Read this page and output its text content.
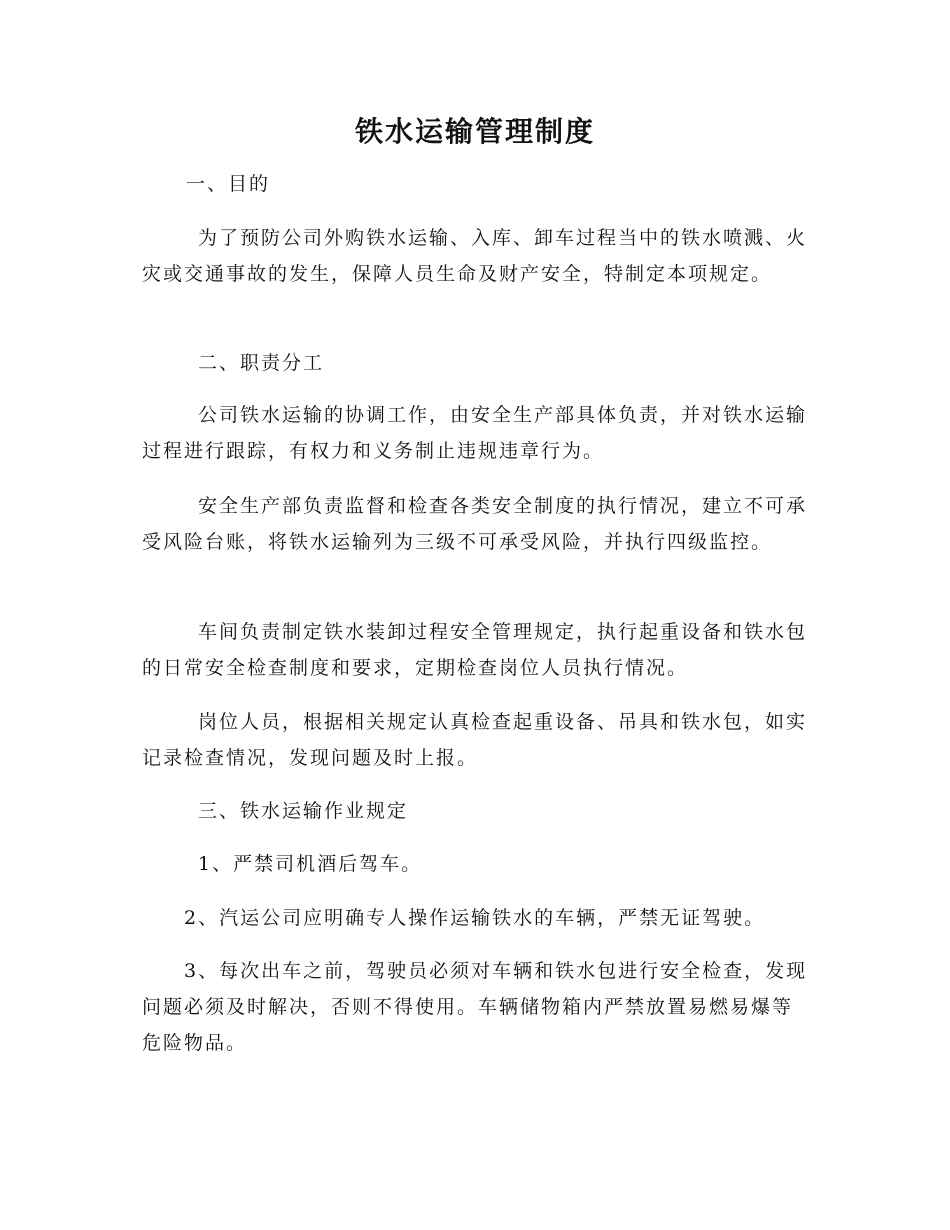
铁水运输管理制度

一、目的

为了预防公司外购铁水运输、入库、卸车过程当中的铁水喷溅、火灾或交通事故的发生，保障人员生命及财产安全，特制定本项规定。

二、职责分工

公司铁水运输的协调工作，由安全生产部具体负责，并对铁水运输过程进行跟踪，有权力和义务制止违规违章行为。

安全生产部负责监督和检查各类安全制度的执行情况，建立不可承受风险台账，将铁水运输列为三级不可承受风险，并执行四级监控。

车间负责制定铁水装卸过程安全管理规定，执行起重设备和铁水包的日常安全检查制度和要求，定期检查岗位人员执行情况。

岗位人员，根据相关规定认真检查起重设备、吊具和铁水包，如实记录检查情况，发现问题及时上报。

三、铁水运输作业规定

1、严禁司机酒后驾车。

2、汽运公司应明确专人操作运输铁水的车辆，严禁无证驾驶。

3、每次出车之前，驾驶员必须对车辆和铁水包进行安全检查，发现问题必须及时解决，否则不得使用。车辆储物箱内严禁放置易燃易爆等危险物品。
